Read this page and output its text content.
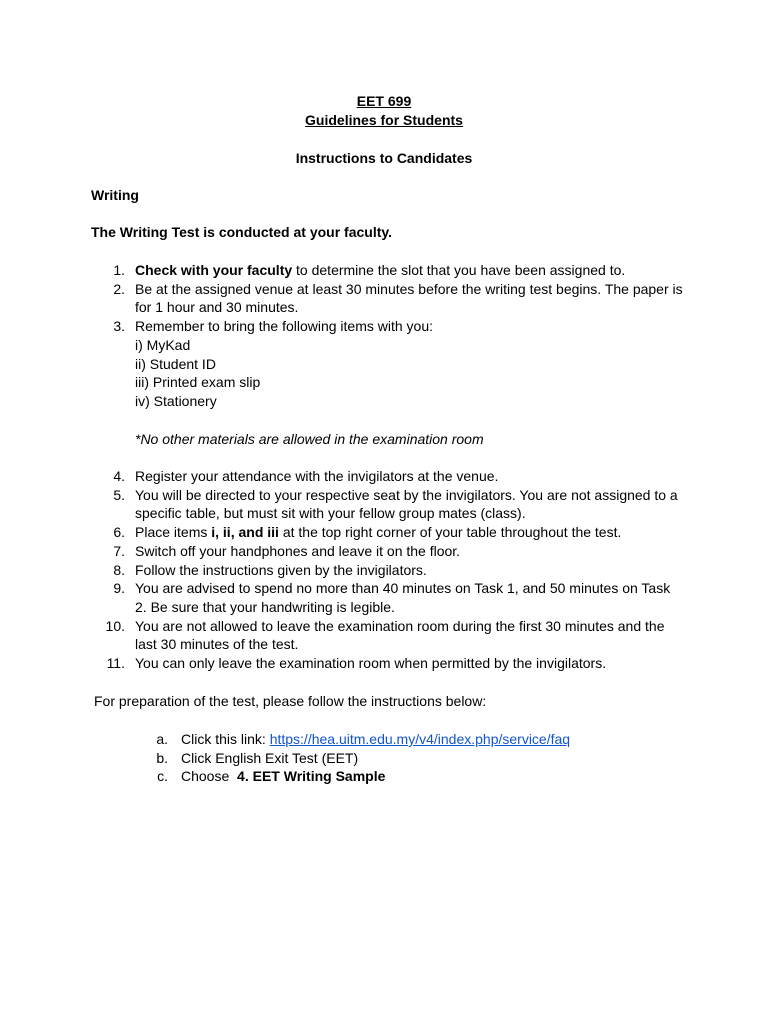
EET 699
Guidelines for Students
Instructions to Candidates
Writing
The Writing Test is conducted at your faculty.
1. Check with your faculty to determine the slot that you have been assigned to.
2. Be at the assigned venue at least 30 minutes before the writing test begins. The paper is for 1 hour and 30 minutes.
3. Remember to bring the following items with you:
i) MyKad
ii) Student ID
iii) Printed exam slip
iv) Stationery
*No other materials are allowed in the examination room
4. Register your attendance with the invigilators at the venue.
5. You will be directed to your respective seat by the invigilators. You are not assigned to a specific table, but must sit with your fellow group mates (class).
6. Place items i, ii, and iii at the top right corner of your table throughout the test.
7. Switch off your handphones and leave it on the floor.
8. Follow the instructions given by the invigilators.
9. You are advised to spend no more than 40 minutes on Task 1, and 50 minutes on Task 2. Be sure that your handwriting is legible.
10. You are not allowed to leave the examination room during the first 30 minutes and the last 30 minutes of the test.
11. You can only leave the examination room when permitted by the invigilators.
For preparation of the test, please follow the instructions below:
a. Click this link: https://hea.uitm.edu.my/v4/index.php/service/faq
b. Click English Exit Test (EET)
c. Choose  4. EET Writing Sample
